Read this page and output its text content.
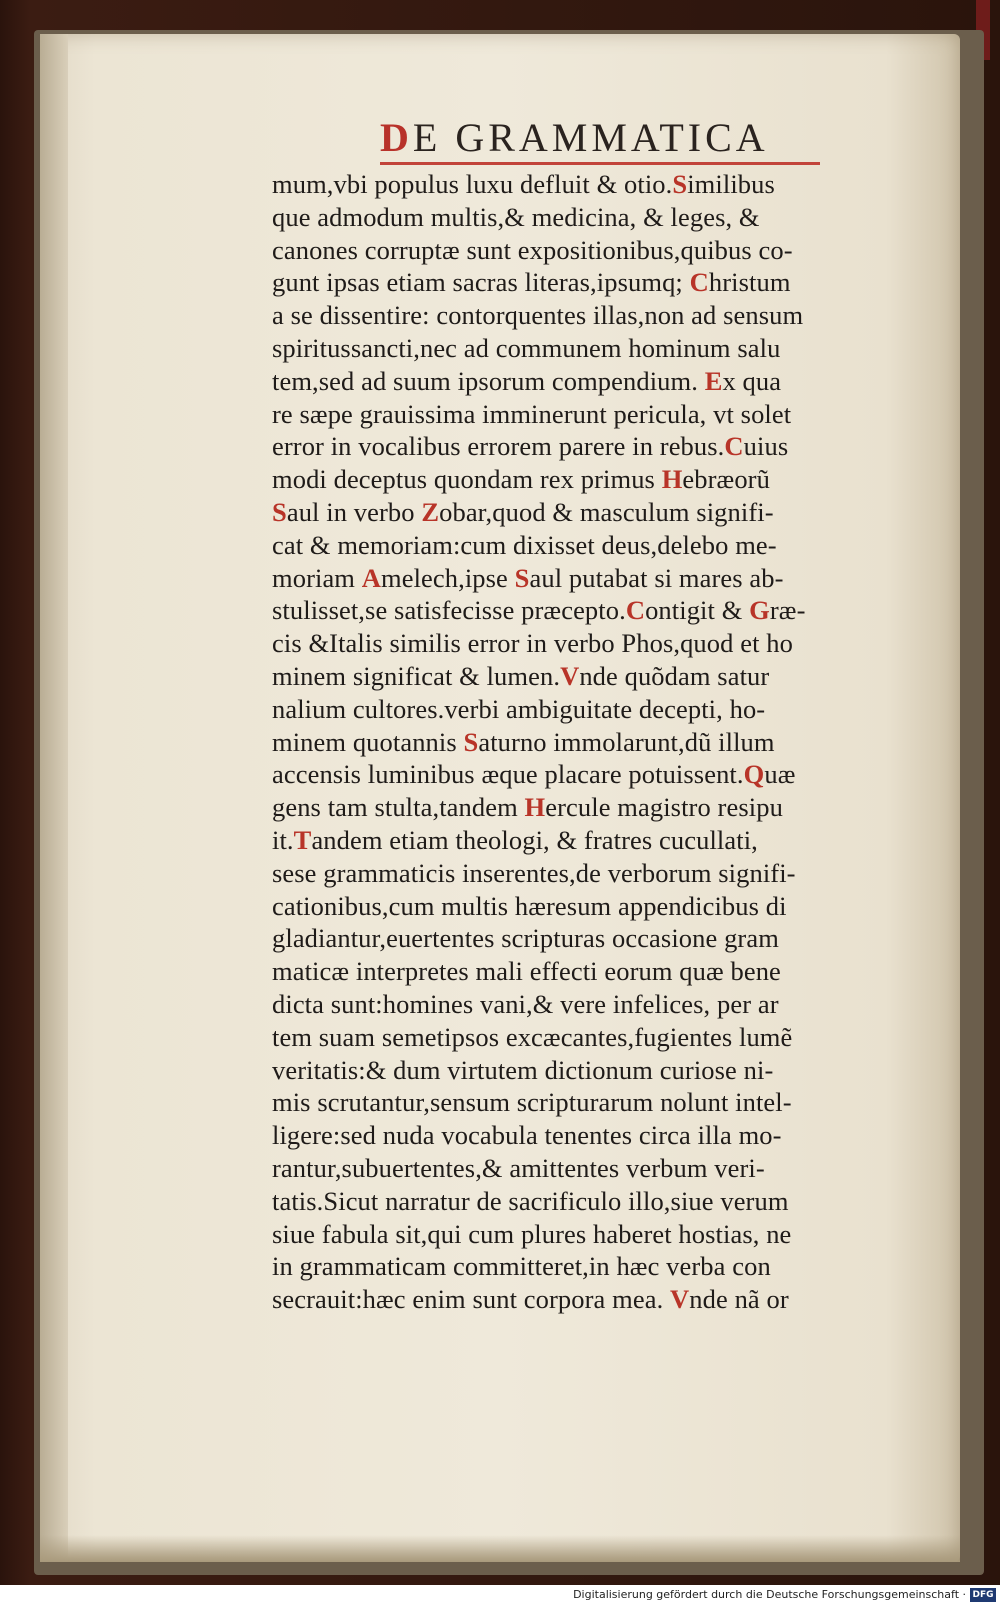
D E GRAMMATICA
mum,vbi populus luxu defluit & otio.Similibus
que admodum multis,& medicina, & leges, &
canones corruptæ sunt expositionibus,quibus co-
gunt ipsas etiam sacras literas,ipsumq; Christum
a se dissentire: contorquentes illas,non ad sensum
spiritussancti,nec ad communem hominum salu
tem,sed ad suum ipsorum compendium. Ex qua
re sæpe grauissima imminerunt pericula, vt solet
error in vocalibus errorem parere in rebus.Cuius
modi deceptus quondam rex primus Hebræorũ
Saul in verbo Zobar,quod & masculum signifi-
cat & memoriam:cum dixisset deus,delebo me-
moriam Amelech,ipse Saul putabat si mares ab-
stulisset,se satisfecisse præcepto.Contigit & Græ-
cis &Italis similis error in verbo Phos,quod et ho
minem significat & lumen.Vnde quõdam satur
nalium cultores.verbi ambiguitate decepti, ho-
minem quotannis Saturno immolarunt,dũ illum
accensis luminibus æque placare potuissent.Quæ
gens tam stulta,tandem Hercule magistro resipu
it.Tandem etiam theologi, & fratres cucullati,
sese grammaticis inserentes,de verborum signifi-
cationibus,cum multis hæresum appendicibus di
gladiantur,euertentes scripturas occasione gram
maticæ interpretes mali effecti eorum quæ bene
dicta sunt:homines vani,& vere infelices, per ar
tem suam semetipsos excæcantes,fugientes lumẽ
veritatis:& dum virtutem dictionum curiose ni-
mis scrutantur,sensum scripturarum nolunt intel-
ligere:sed nuda vocabula tenentes circa illa mo-
rantur,subuertentes,& amittentes verbum veri-
tatis.Sicut narratur de sacrificulo illo,siue verum
siue fabula sit,qui cum plures haberet hostias, ne
in grammaticam committeret,in hæc verba con
secrauit:hæc enim sunt corpora mea. Vnde nã or
Digitalisierung gefördert durch die Deutsche Forschungsgemeinschaft · DFG
